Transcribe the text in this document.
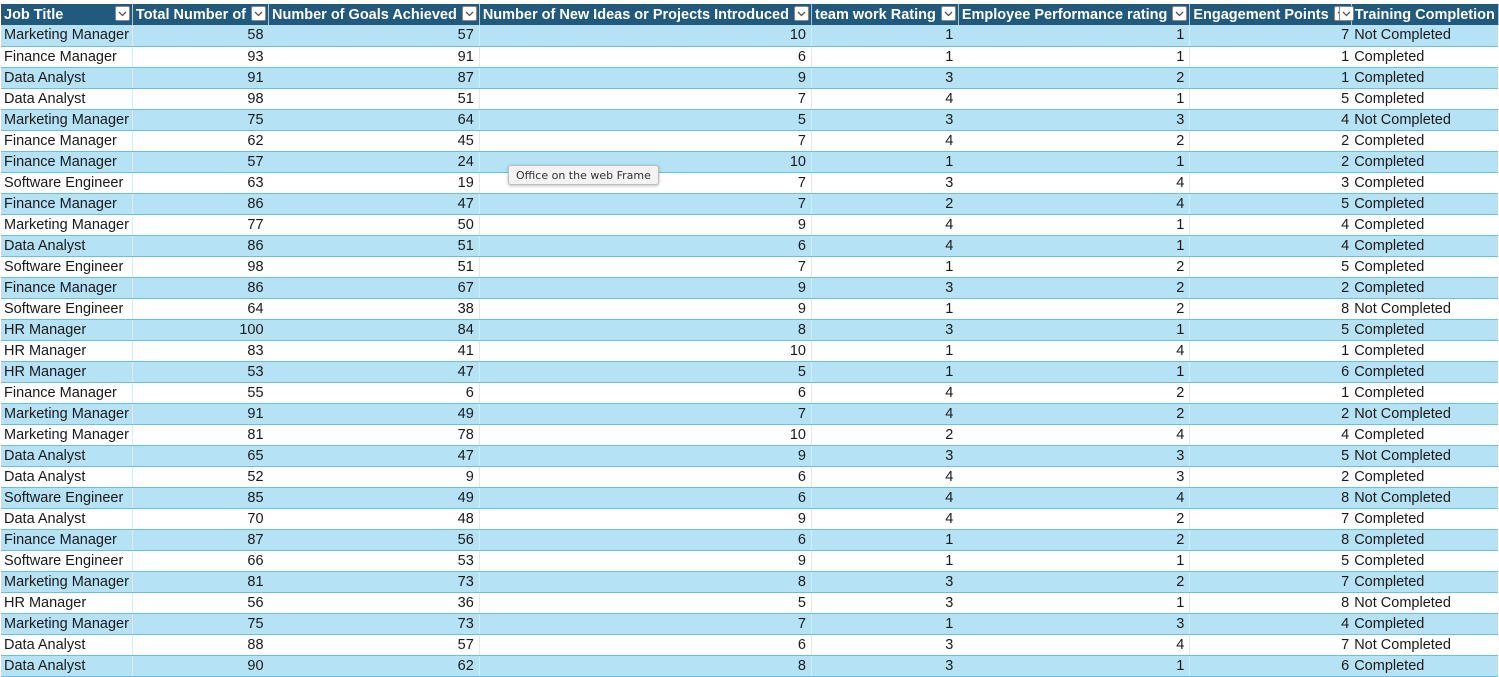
Job Title	Total Number of	Number of Goals Achieved	Number of New Ideas or Projects Introduced	team work Rating	Employee Performance rating	Engagement Points	Training Completion

Marketing Manager	58	57	10	1	1	7	Not Completed
Finance Manager	93	91	6	1	1	1	Completed
Data Analyst	91	87	9	3	2	1	Completed
Data Analyst	98	51	7	4	1	5	Completed
Marketing Manager	75	64	5	3	3	4	Not Completed
Finance Manager	62	45	7	4	2	2	Completed
Finance Manager	57	24	10	1	1	2	Completed
Software Engineer	63	19	7	3	4	3	Completed
Finance Manager	86	47	7	2	4	5	Completed
Marketing Manager	77	50	9	4	1	4	Completed
Data Analyst	86	51	6	4	1	4	Completed
Software Engineer	98	51	7	1	2	5	Completed
Finance Manager	86	67	9	3	2	2	Completed
Software Engineer	64	38	9	1	2	8	Not Completed
HR Manager	100	84	8	3	1	5	Completed
HR Manager	83	41	10	1	4	1	Completed
HR Manager	53	47	5	1	1	6	Completed
Finance Manager	55	6	6	4	2	1	Completed
Marketing Manager	91	49	7	4	2	2	Not Completed
Marketing Manager	81	78	10	2	4	4	Completed
Data Analyst	65	47	9	3	3	5	Not Completed
Data Analyst	52	9	6	4	3	2	Completed
Software Engineer	85	49	6	4	4	8	Not Completed
Data Analyst	70	48	9	4	2	7	Completed
Finance Manager	87	56	6	1	2	8	Completed
Software Engineer	66	53	9	1	1	5	Completed
Marketing Manager	81	73	8	3	2	7	Completed
HR Manager	56	36	5	3	1	8	Not Completed
Marketing Manager	75	73	7	1	3	4	Completed
Data Analyst	88	57	6	3	4	7	Not Completed
Data Analyst	90	62	8	3	1	6	Completed
Office on the web Frame
